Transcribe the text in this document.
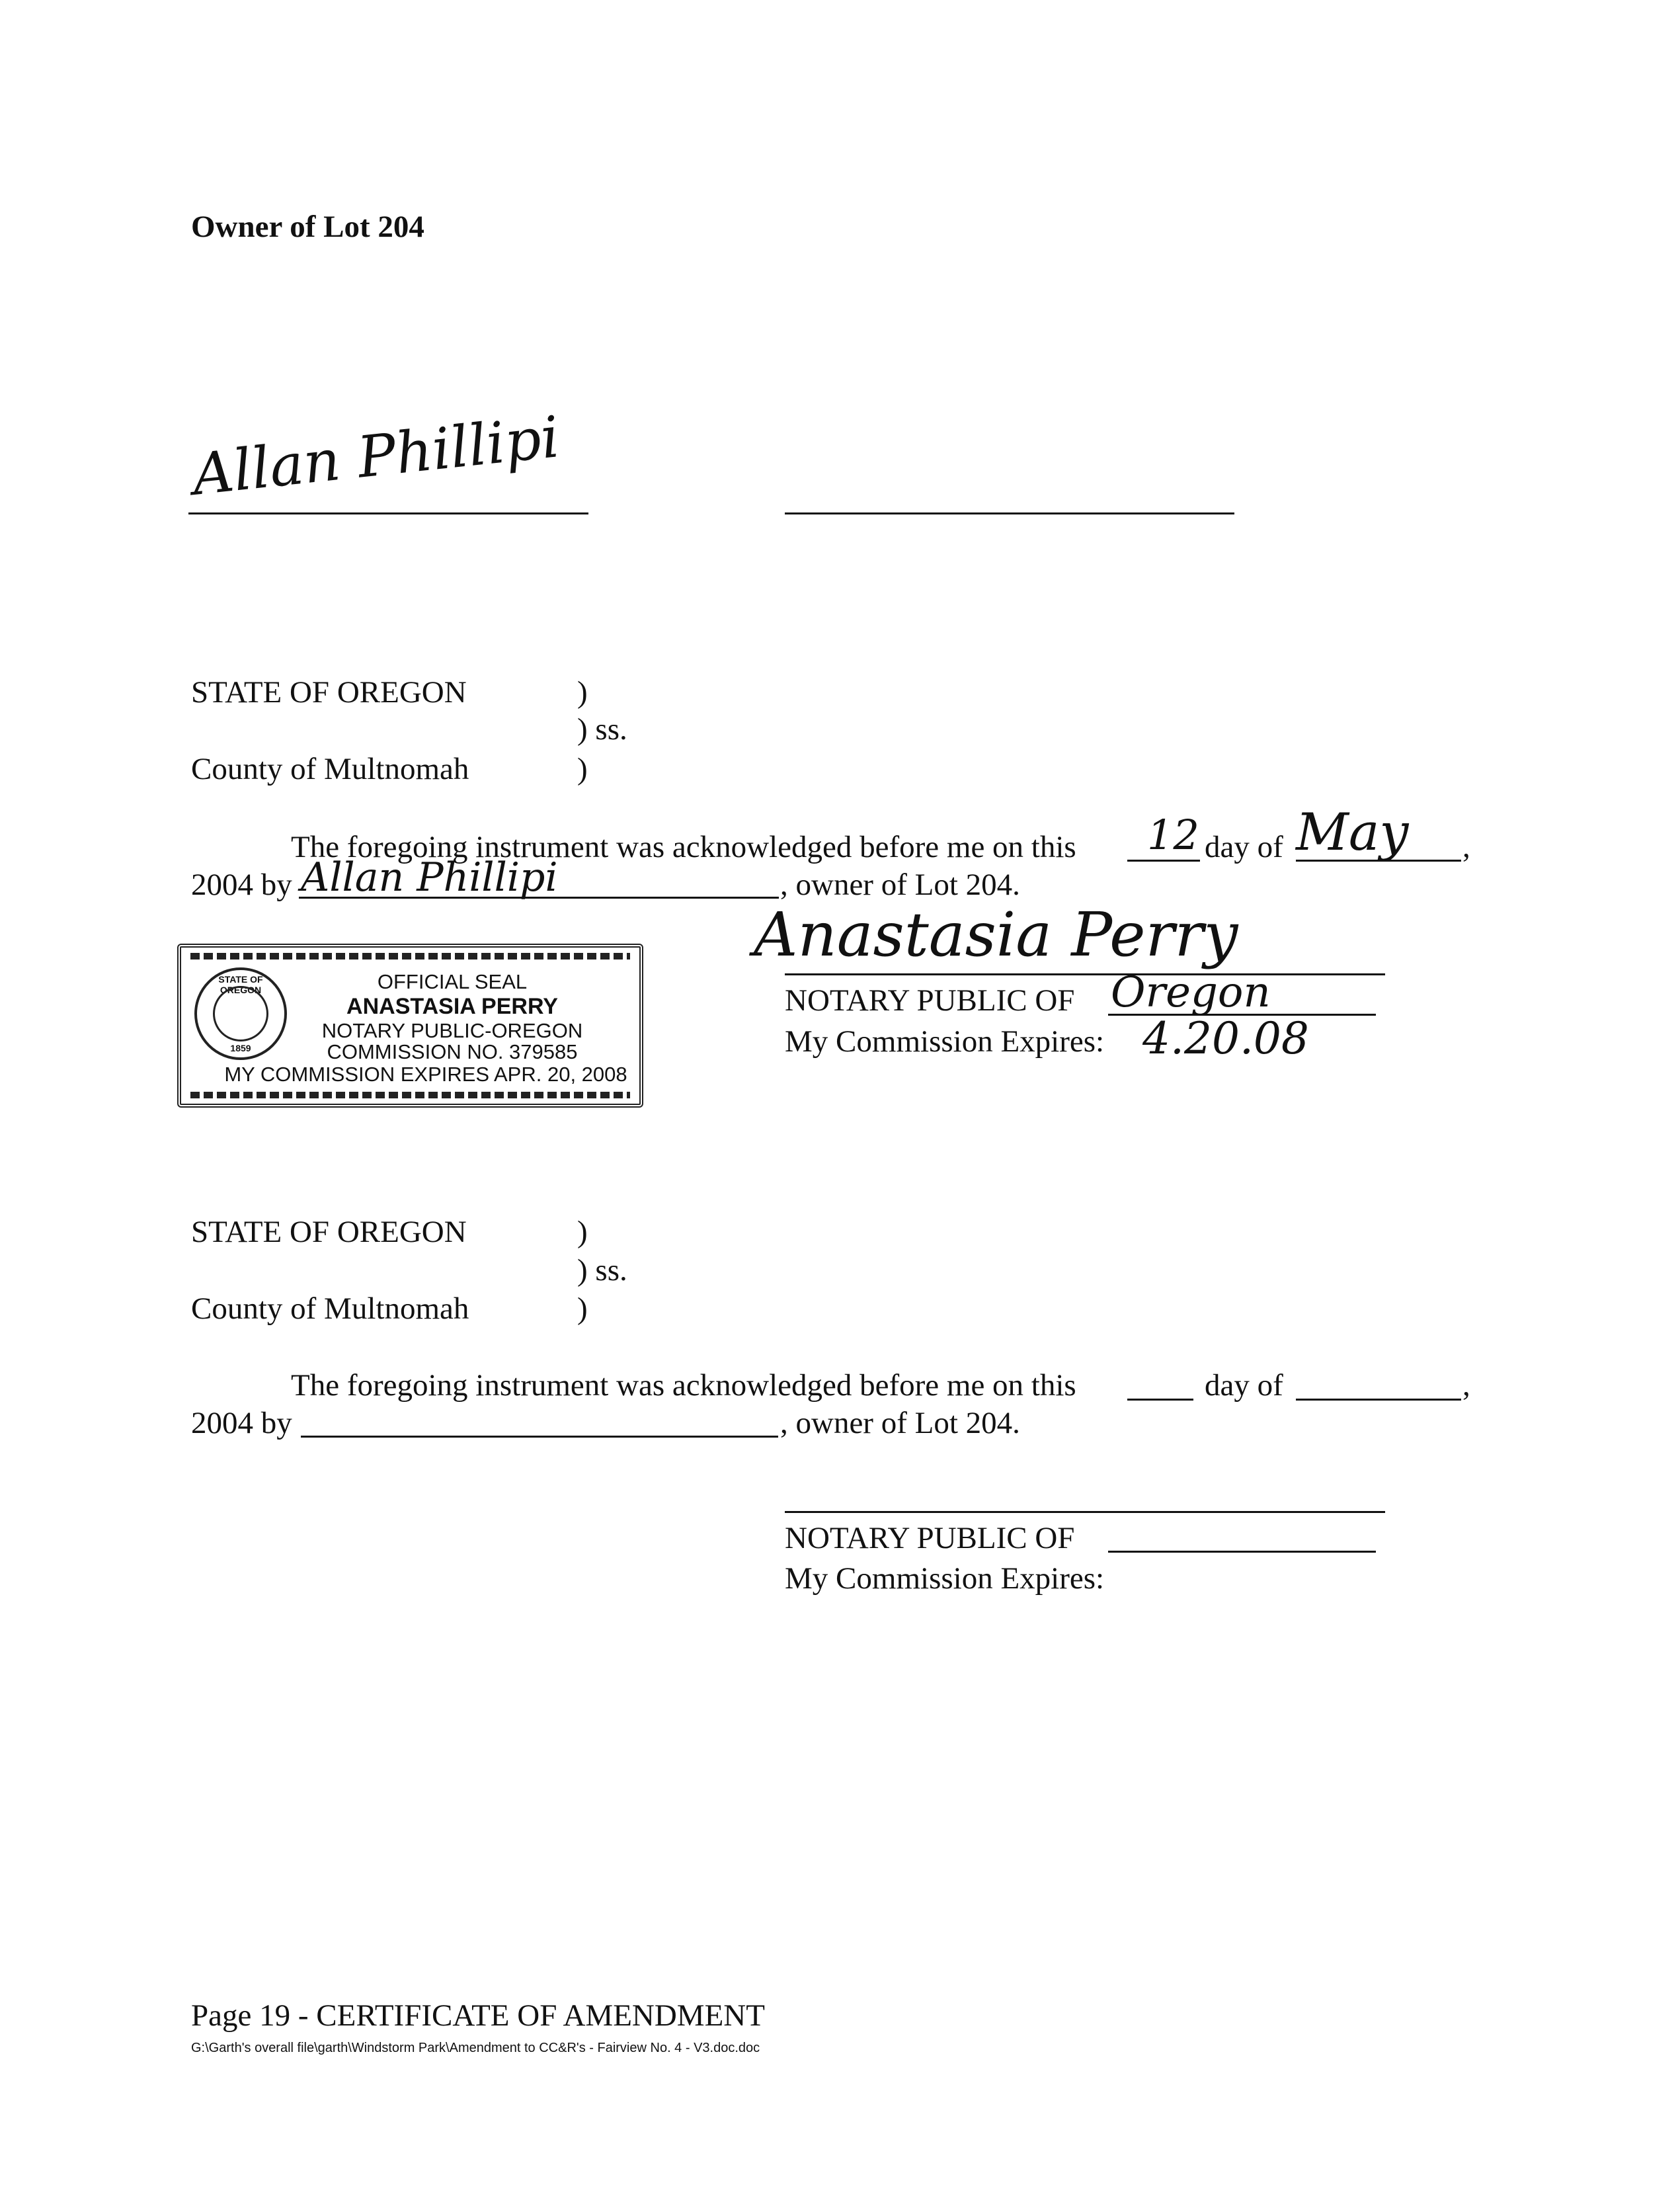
Owner of Lot 204
Allan Phillipi
STATE OF OREGON	)
) ss.
County of Multnomah	)
The foregoing instrument was acknowledged before me on this 12 day of May ,
2004 by Allan Phillipi	, owner of Lot 204.
STATE OF OREGON
1859
OFFICIAL SEAL
ANASTASIA PERRY
NOTARY PUBLIC-OREGON
COMMISSION NO. 379585
MY COMMISSION EXPIRES APR. 20, 2008
Anastasia Perry
NOTARY PUBLIC OF Oregon
My Commission Expires: 4.20.08
STATE OF OREGON	)
) ss.
County of Multnomah	)
The foregoing instrument was acknowledged before me on this	day of	,
2004 by	, owner of Lot 204.
NOTARY PUBLIC OF
My Commission Expires:
Page 19 - CERTIFICATE OF AMENDMENT
G:\Garth's overall file\garth\Windstorm Park\Amendment to CC&R's - Fairview No. 4 - V3.doc.doc
